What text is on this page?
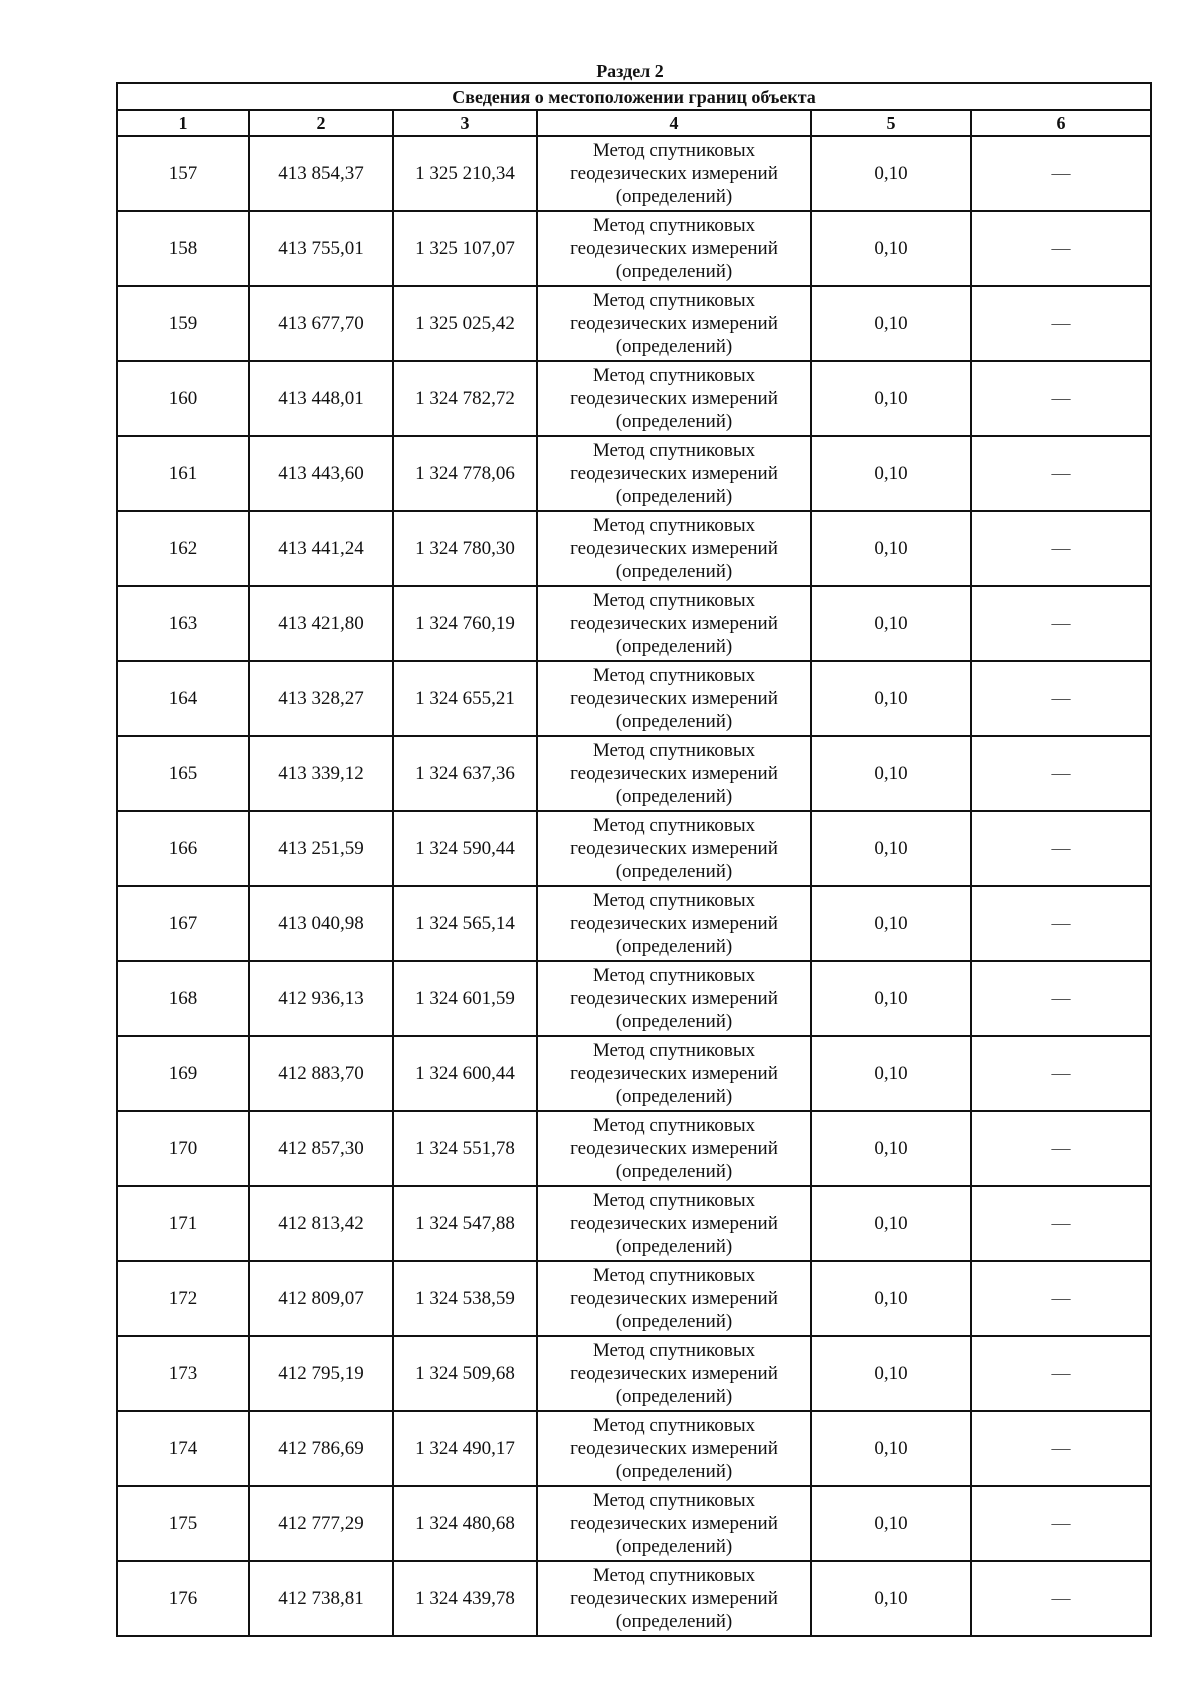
Раздел 2
Сведения о местоположении границ объекта					
1	2	3	4	5	6
157	413 854,37	1 325 210,34	Метод спутниковых геодезических измерений (определений)	0,10	—
158	413 755,01	1 325 107,07	Метод спутниковых геодезических измерений (определений)	0,10	—
159	413 677,70	1 325 025,42	Метод спутниковых геодезических измерений (определений)	0,10	—
160	413 448,01	1 324 782,72	Метод спутниковых геодезических измерений (определений)	0,10	—
161	413 443,60	1 324 778,06	Метод спутниковых геодезических измерений (определений)	0,10	—
162	413 441,24	1 324 780,30	Метод спутниковых геодезических измерений (определений)	0,10	—
163	413 421,80	1 324 760,19	Метод спутниковых геодезических измерений (определений)	0,10	—
164	413 328,27	1 324 655,21	Метод спутниковых геодезических измерений (определений)	0,10	—
165	413 339,12	1 324 637,36	Метод спутниковых геодезических измерений (определений)	0,10	—
166	413 251,59	1 324 590,44	Метод спутниковых геодезических измерений (определений)	0,10	—
167	413 040,98	1 324 565,14	Метод спутниковых геодезических измерений (определений)	0,10	—
168	412 936,13	1 324 601,59	Метод спутниковых геодезических измерений (определений)	0,10	—
169	412 883,70	1 324 600,44	Метод спутниковых геодезических измерений (определений)	0,10	—
170	412 857,30	1 324 551,78	Метод спутниковых геодезических измерений (определений)	0,10	—
171	412 813,42	1 324 547,88	Метод спутниковых геодезических измерений (определений)	0,10	—
172	412 809,07	1 324 538,59	Метод спутниковых геодезических измерений (определений)	0,10	—
173	412 795,19	1 324 509,68	Метод спутниковых геодезических измерений (определений)	0,10	—
174	412 786,69	1 324 490,17	Метод спутниковых геодезических измерений (определений)	0,10	—
175	412 777,29	1 324 480,68	Метод спутниковых геодезических измерений (определений)	0,10	—
176	412 738,81	1 324 439,78	Метод спутниковых геодезических измерений (определений)	0,10	—
